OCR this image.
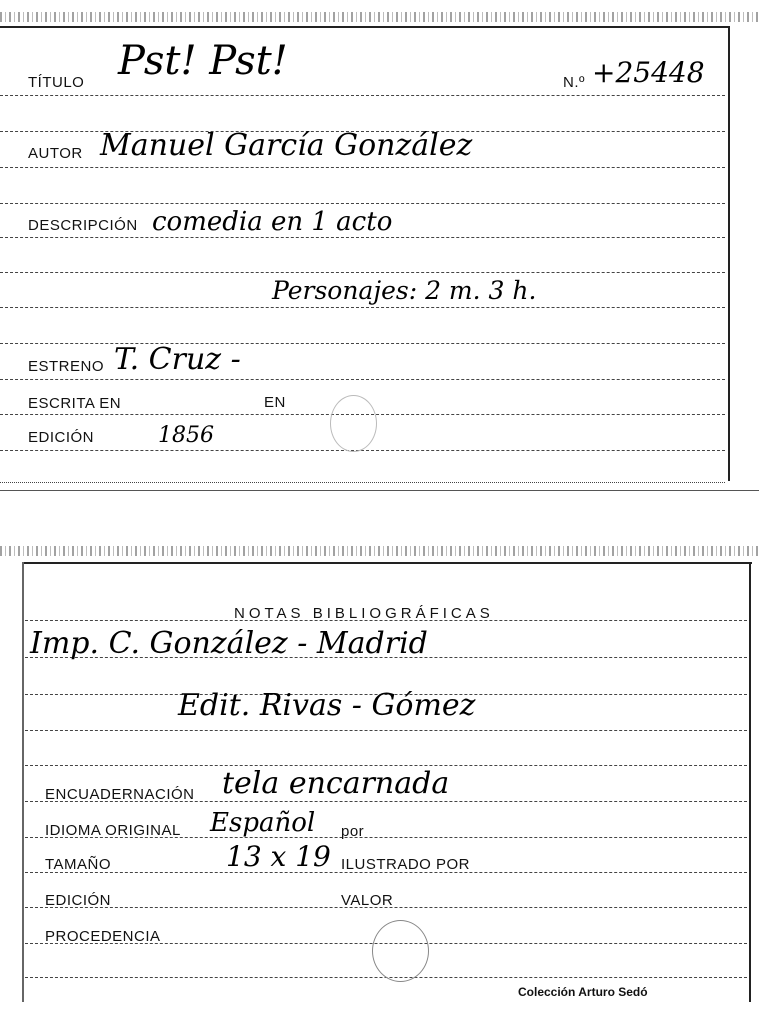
TÍTULO Pst! Pst!	N.º +25448
AUTOR Manuel García González
DESCRIPCIÓN comedia en 1 acto
Personajes: 2 m. 3 h.
ESTRENO T. Cruz -
ESCRITA EN	EN
EDICIÓN	1856
NOTAS BIBLIOGRÁFICAS
Imp. C. González - Madrid
Edit. Rivas - Gómez
ENCUADERNACIÓN tela encarnada
IDIOMA ORIGINAL Español por
TAMAÑO	13 x 19 ILUSTRADO POR
EDICIÓN	VALOR
PROCEDENCIA
Colección Arturo Sedó
